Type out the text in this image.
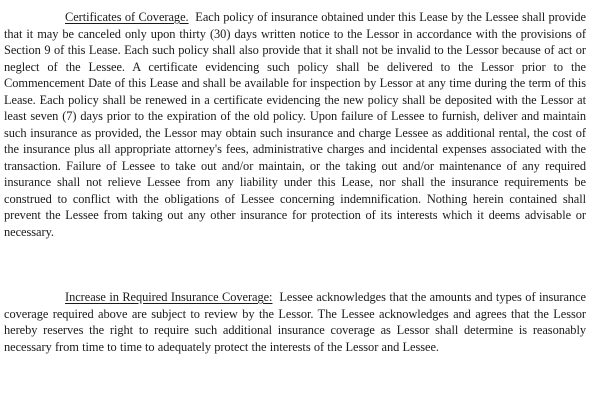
Certificates of Coverage. Each policy of insurance obtained under this Lease by the Lessee shall provide that it may be canceled only upon thirty (30) days written notice to the Lessor in accordance with the provisions of Section 9 of this Lease. Each such policy shall also provide that it shall not be invalid to the Lessor because of act or neglect of the Lessee. A certificate evidencing such policy shall be delivered to the Lessor prior to the Commencement Date of this Lease and shall be available for inspection by Lessor at any time during the term of this Lease. Each policy shall be renewed in a certificate evidencing the new policy shall be deposited with the Lessor at least seven (7) days prior to the expiration of the old policy. Upon failure of Lessee to furnish, deliver and maintain such insurance as provided, the Lessor may obtain such insurance and charge Lessee as additional rental, the cost of the insurance plus all appropriate attorney's fees, administrative charges and incidental expenses associated with the transaction. Failure of Lessee to take out and/or maintain, or the taking out and/or maintenance of any required insurance shall not relieve Lessee from any liability under this Lease, nor shall the insurance requirements be construed to conflict with the obligations of Lessee concerning indemnification. Nothing herein contained shall prevent the Lessee from taking out any other insurance for protection of its interests which it deems advisable or necessary.

Increase in Required Insurance Coverage: Lessee acknowledges that the amounts and types of insurance coverage required above are subject to review by the Lessor. The Lessee acknowledges and agrees that the Lessor hereby reserves the right to require such additional insurance coverage as Lessor shall determine is reasonably necessary from time to time to adequately protect the interests of the Lessor and Lessee.
